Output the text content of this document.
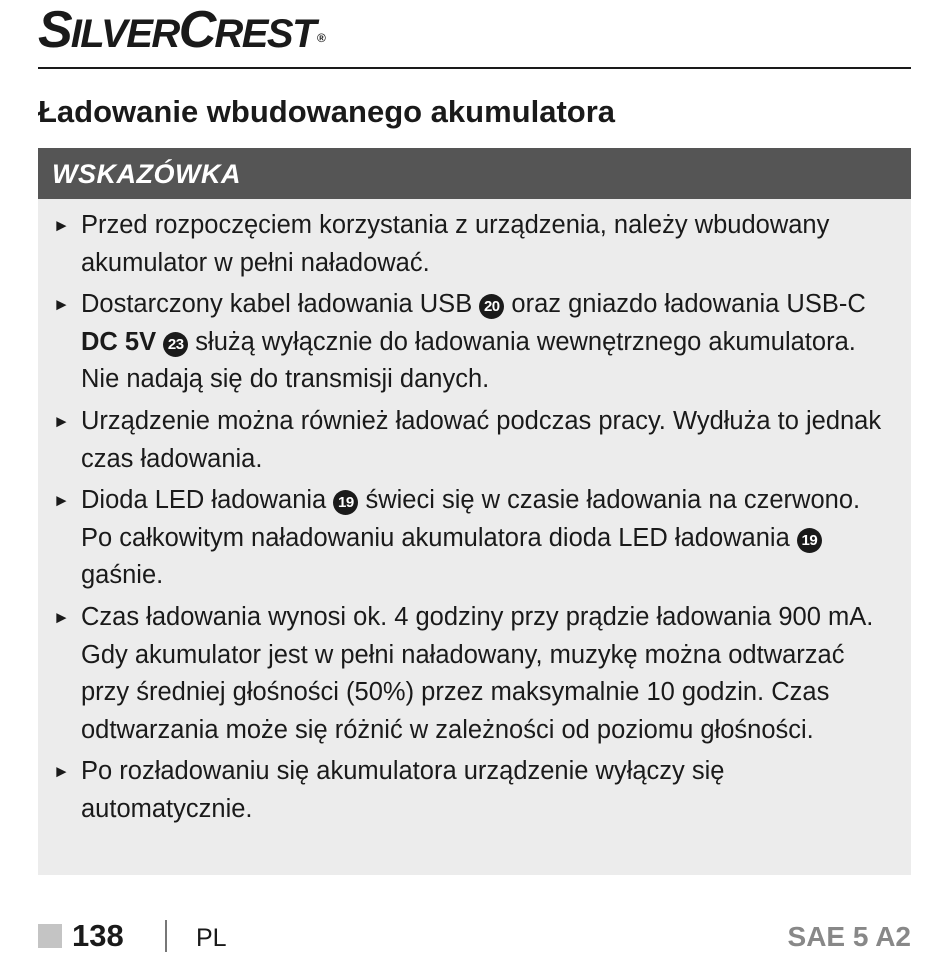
SILVERCREST ®
Ładowanie wbudowanego akumulatora
WSKAZÓWKA
► Przed rozpoczęciem korzystania z urządzenia, należy wbudowany akumulator w pełni naładować.
► Dostarczony kabel ładowania USB 20 oraz gniazdo ładowania USB-C DC 5V 23 służą wyłącznie do ładowania wewnętrznego akumulatora. Nie nadają się do transmisji danych.
► Urządzenie można również ładować podczas pracy. Wydłuża to jednak czas ładowania.
► Dioda LED ładowania 19 świeci się w czasie ładowania na czerwono. Po całkowitym naładowaniu akumulatora dioda LED ładowania 19 gaśnie.
► Czas ładowania wynosi ok. 4 godziny przy prądzie ładowania 900 mA. Gdy akumulator jest w pełni naładowany, muzykę można odtwarzać przy średniej głośności (50%) przez maksymalnie 10 godzin. Czas odtwarzania może się różnić w zależności od poziomu głośności.
► Po rozładowaniu się akumulatora urządzenie wyłączy się automatycznie.
138	PL	SAE 5 A2
